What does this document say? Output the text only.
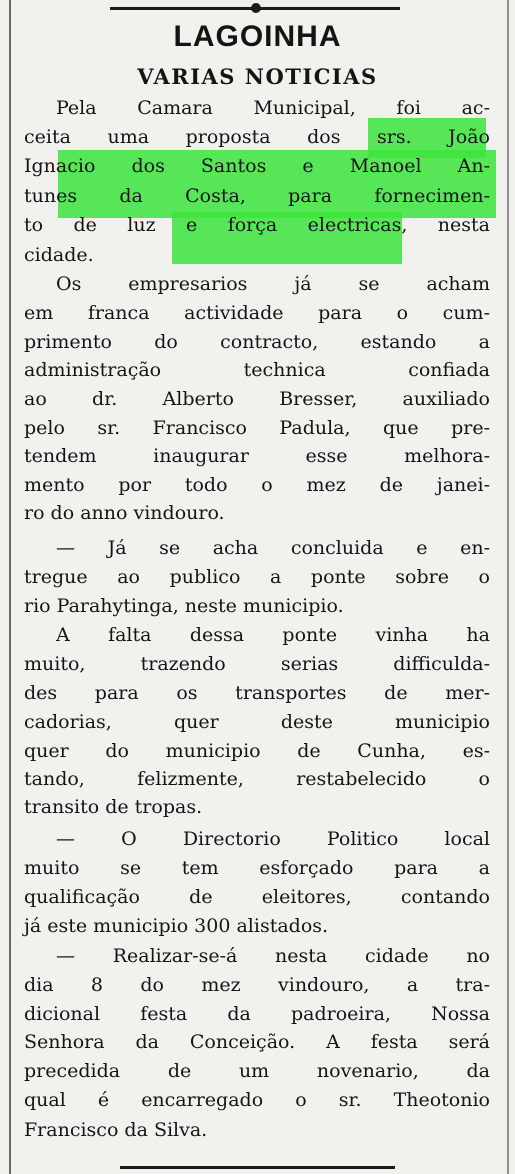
LAGOINHA
VARIAS NOTICIAS
Pela Camara Municipal, foi ac-
ceita uma proposta dos srs. João
Ignacio dos Santos e Manoel An-
tunes da Costa, para fornecimen-
to de luz e força electricas, nesta
cidade.
Os empresarios já se acham
em franca actividade para o cum-
primento do contracto, estando a
administração technica confiada
ao dr. Alberto Bresser, auxiliado
pelo sr. Francisco Padula, que pre-
tendem inaugurar esse melhora-
mento por todo o mez de janei-
ro do anno vindouro.
— Já se acha concluida e en-
tregue ao publico a ponte sobre o
rio Parahytinga, neste municipio.
A falta dessa ponte vinha ha
muito, trazendo serias difficulda-
des para os transportes de mer-
cadorias, quer deste municipio
quer do municipio de Cunha, es-
tando, felizmente, restabelecido o
transito de tropas.
— O Directorio Politico local
muito se tem esforçado para a
qualificação de eleitores, contando
já este municipio 300 alistados.
— Realizar-se-á nesta cidade no
dia 8 do mez vindouro, a tra-
dicional festa da padroeira, Nossa
Senhora da Conceição. A festa será
precedida de um novenario, da
qual é encarregado o sr. Theotonio
Francisco da Silva.
